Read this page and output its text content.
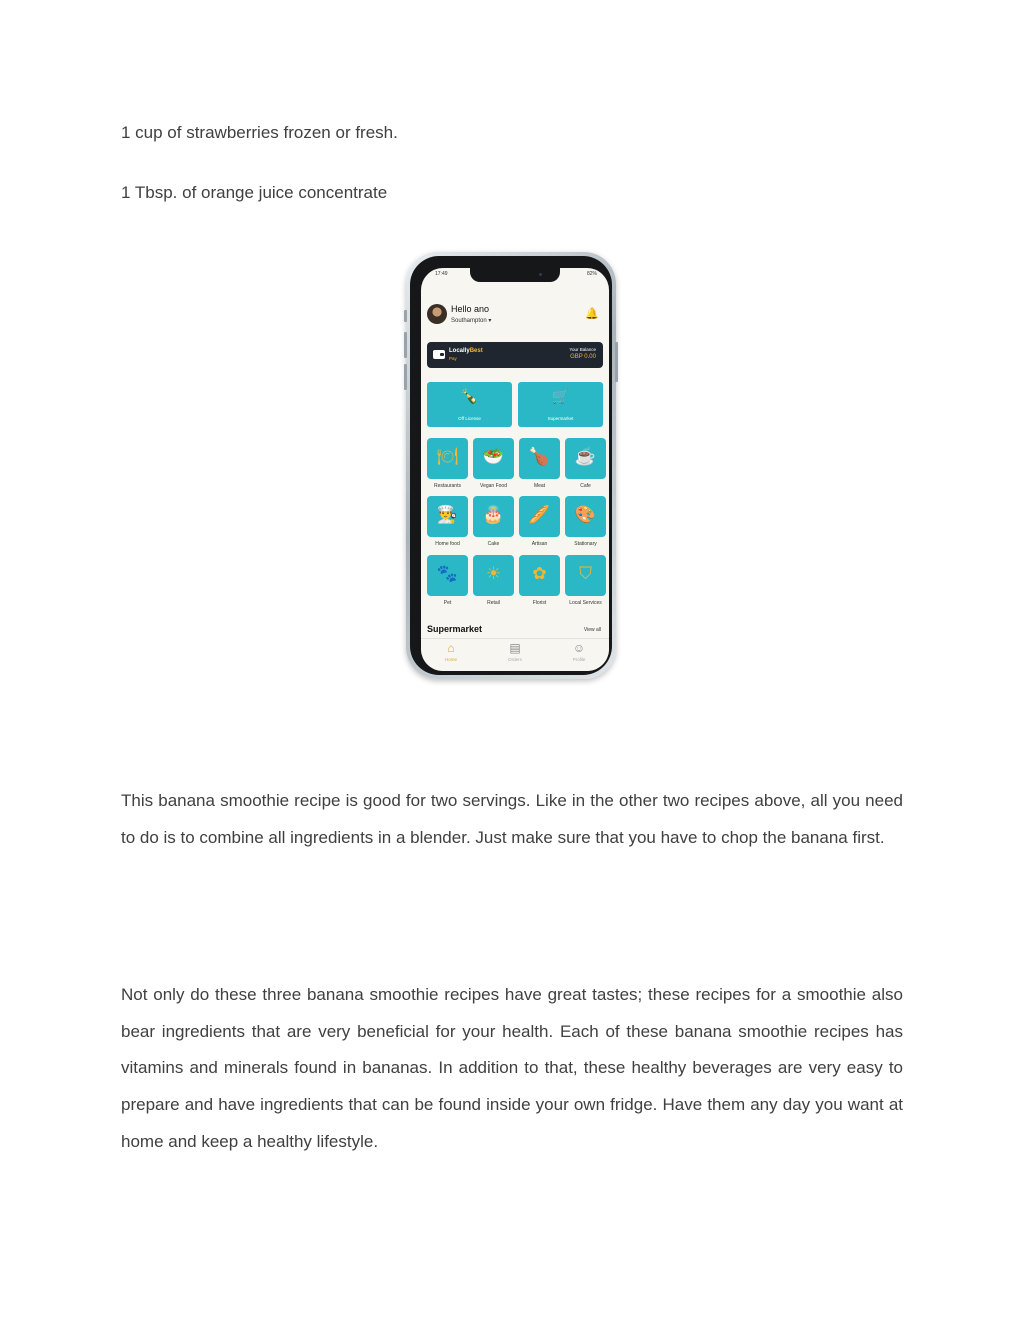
1 cup of strawberries frozen or fresh.

1 Tbsp. of orange juice concentrate

17:49	82%
Hello ano
Southampton ▾
🔔
LocallyBest
Pay
Your Balance
GBP 0.00
🍾
Off License
🛒
Supermarket
🍽
Restaurants
🥗
Vegan Food
🍗
Meat
☕
Cafe
👨‍🍳
Home food
🎂
Cake
🥖
Artisan
🎨
Stationary
🐾
Pet
☀
Retail
✿
Florist
⛉
Local Services
Supermarket	View all
⌂
Home
▤
Orders
☺
Profile

This banana smoothie recipe is good for two servings. Like in the other two recipes above, all you need to do is to combine all ingredients in a blender. Just make sure that you have to chop the banana first.

Not only do these three banana smoothie recipes have great tastes; these recipes for a smoothie also bear ingredients that are very beneficial for your health. Each of these banana smoothie recipes has vitamins and minerals found in bananas. In addition to that, these healthy beverages are very easy to prepare and have ingredients that can be found inside your own fridge. Have them any day you want at home and keep a healthy lifestyle.
